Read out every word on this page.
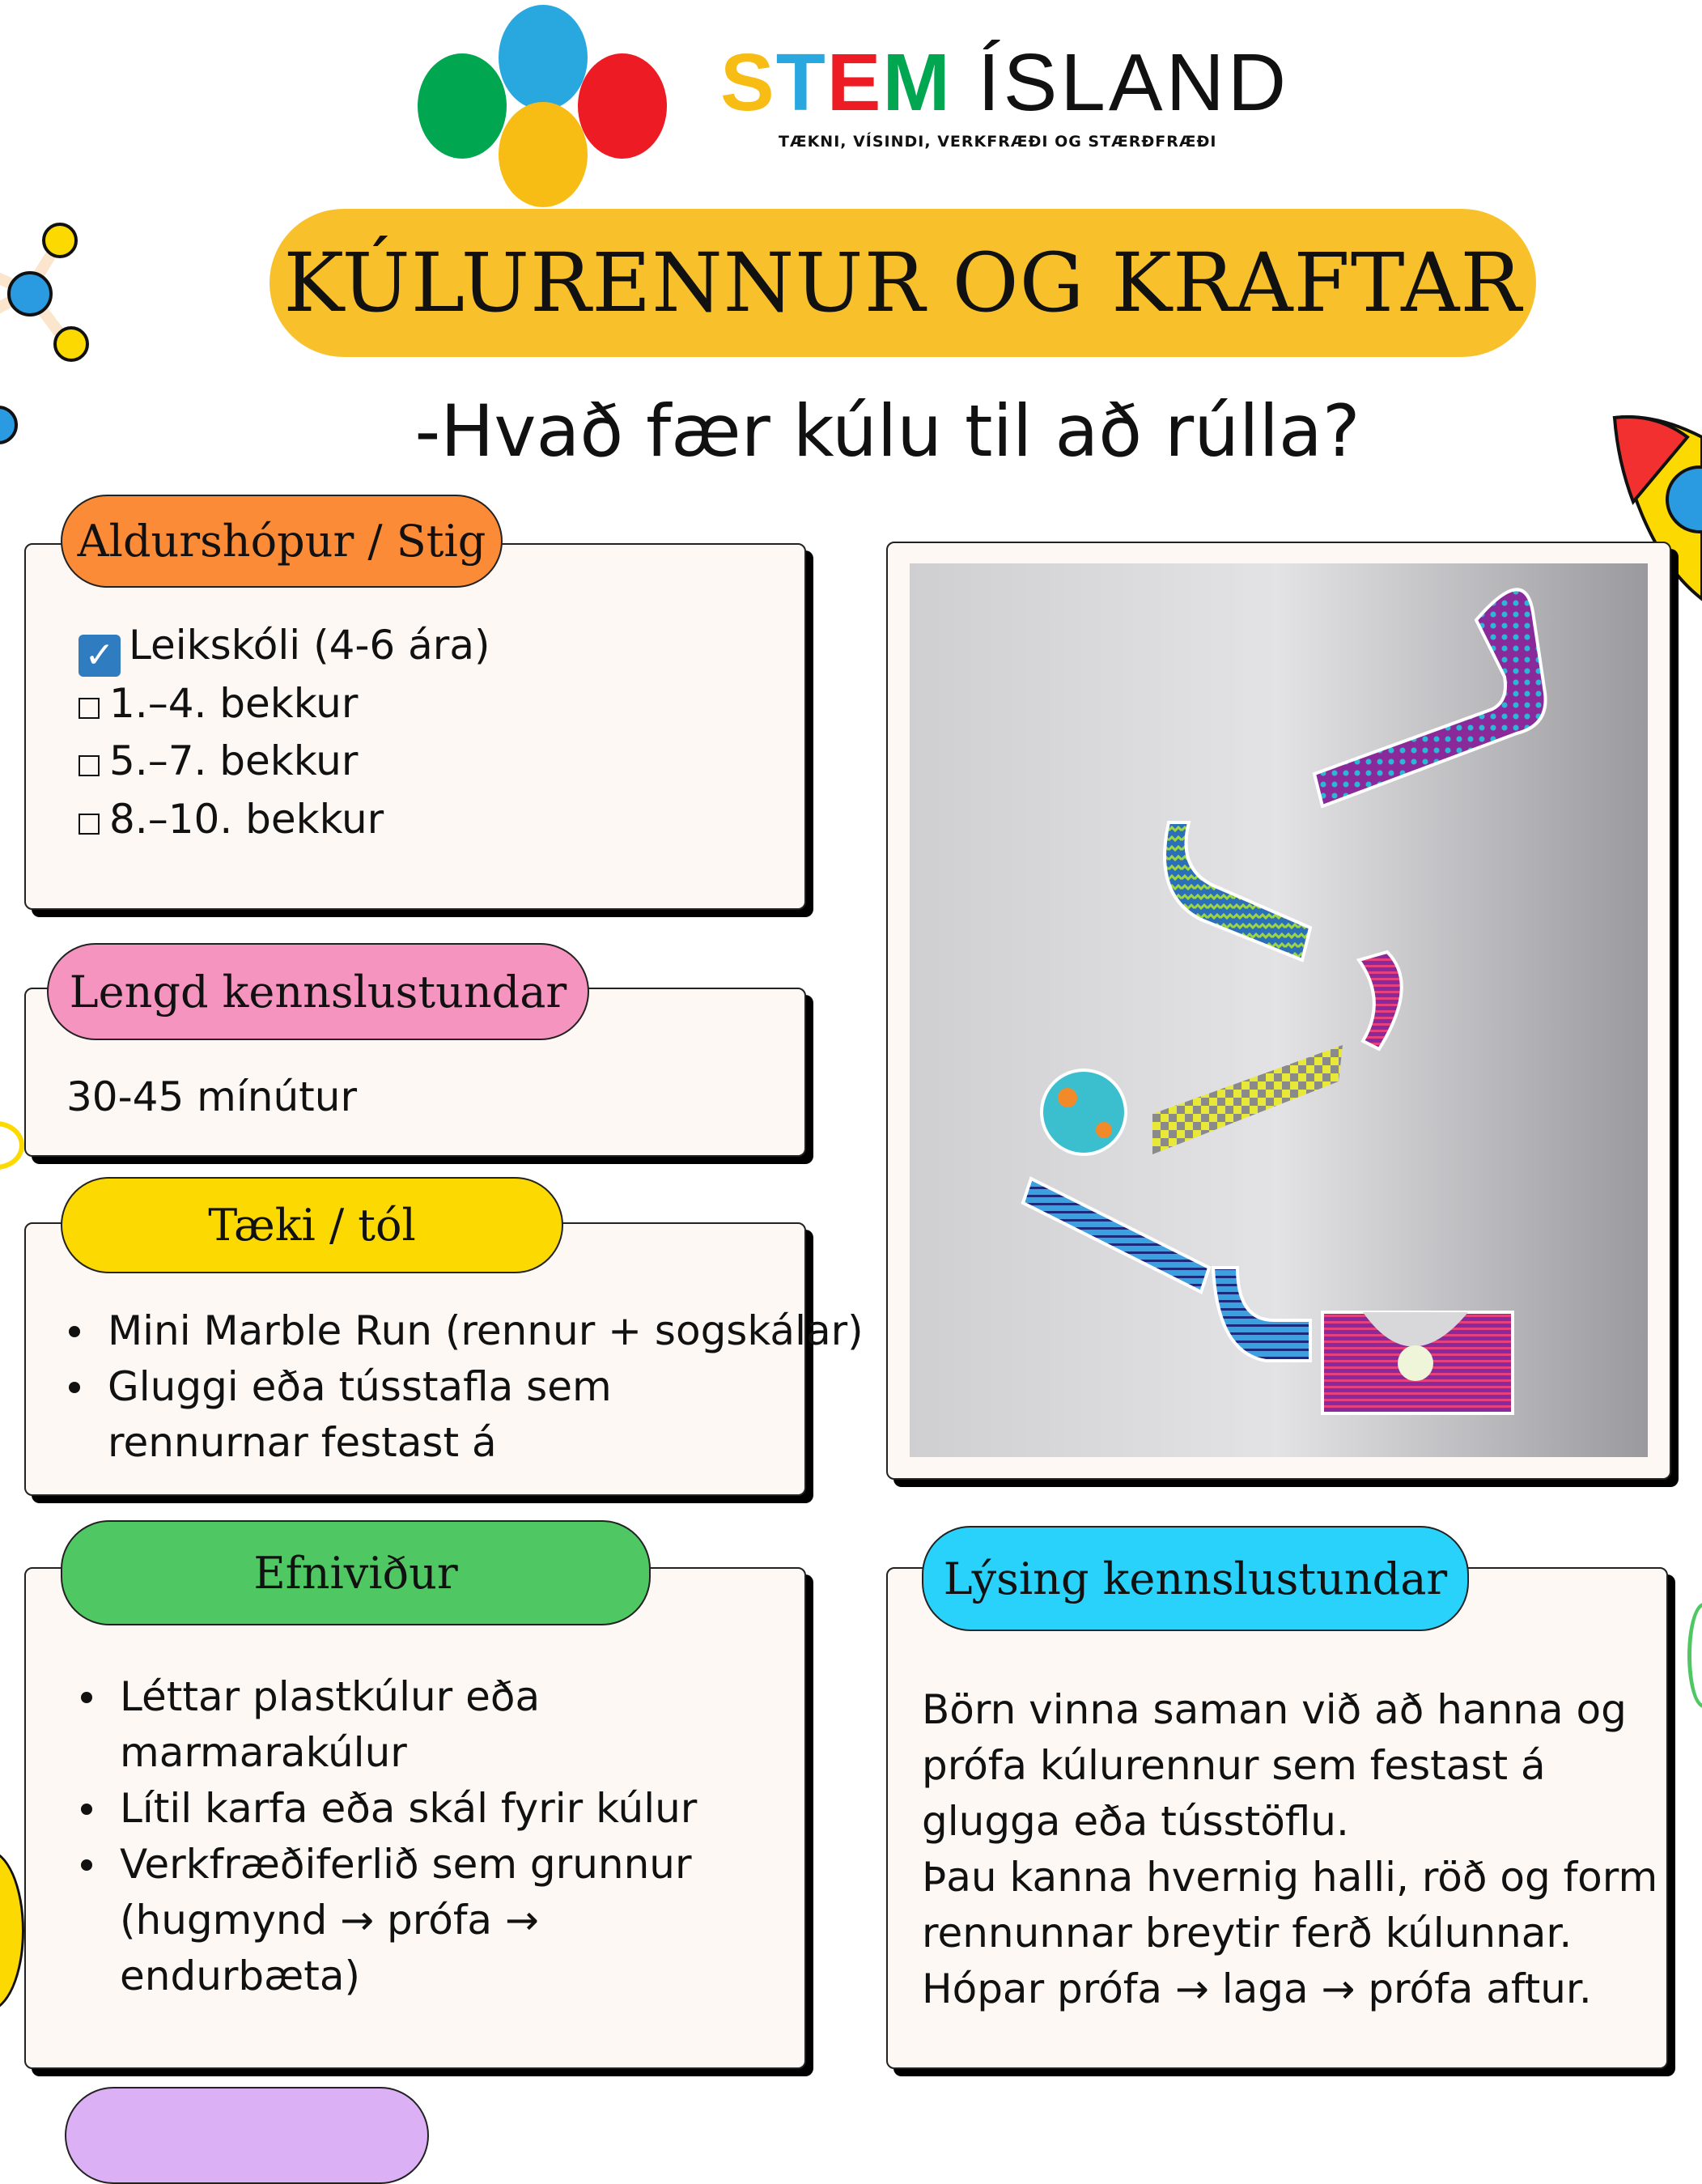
STEM ÍSLAND
TÆKNI, VÍSINDI, VERKFRÆÐI OG STÆRÐFRÆÐI
KÚLURENNUR OG KRAFTAR
-Hvað fær kúlu til að rúlla?
Aldurshópur / Stig
✓ Leikskóli (4-6 ára)
1.–4. bekkur
5.–7. bekkur
8.–10. bekkur
Lengd kennslustundar
30-45 mínútur
Tæki / tól
Mini Marble Run (rennur + sogskálar)
Gluggi eða tússtafla sem rennurnar festast á
Efniviður
Léttar plastkúlur eða marmarakúlur
Lítil karfa eða skál fyrir kúlur
Verkfræðiferlið sem grunnur (hugmynd → prófa → endurbæta)
Lýsing kennslustundar
Börn vinna saman við að hanna og
prófa kúlurennur sem festast á
glugga eða tússtöflu.
Þau kanna hvernig halli, röð og form
rennunnar breytir ferð kúlunnar.
Hópar prófa → laga → prófa aftur.
